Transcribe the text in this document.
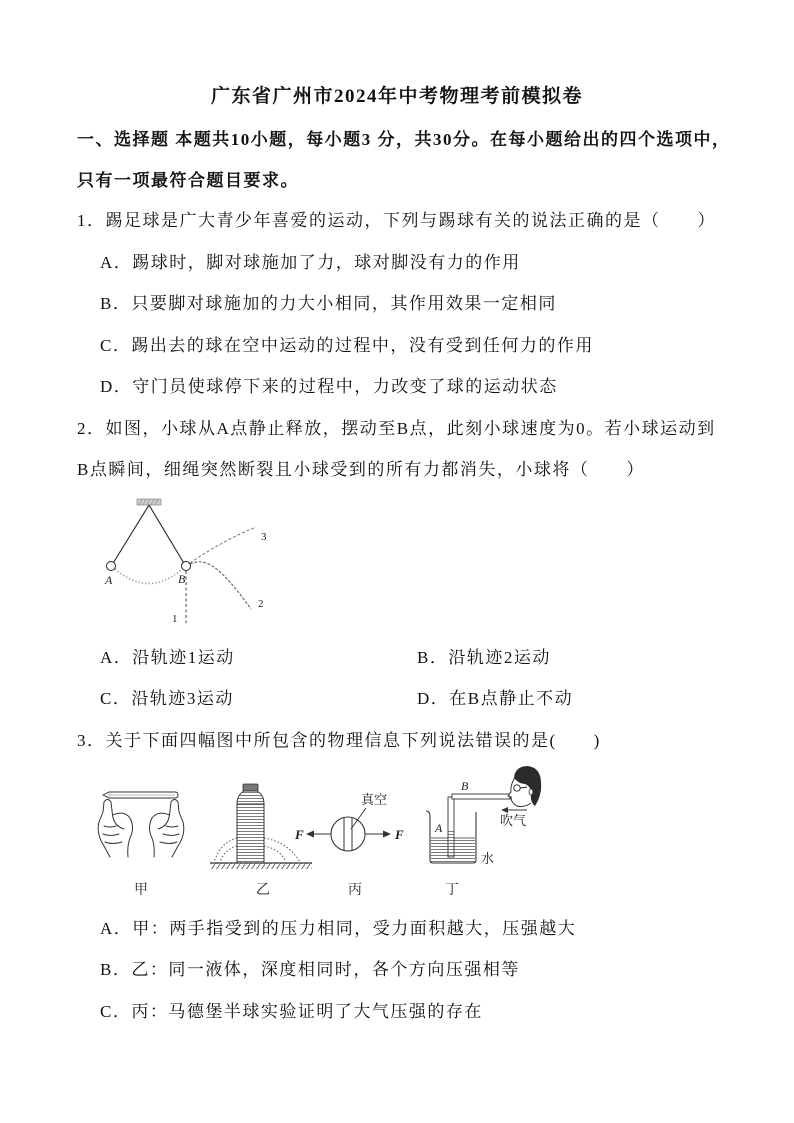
广东省广州市2024年中考物理考前模拟卷
一、选择题 本题共10小题，每小题3 分，共30分。在每小题给出的四个选项中，
只有一项最符合题目要求。
1．踢足球是广大青少年喜爱的运动，下列与踢球有关的说法正确的是（　　）
A．踢球时，脚对球施加了力，球对脚没有力的作用
B．只要脚对球施加的力大小相同，其作用效果一定相同
C．踢出去的球在空中运动的过程中，没有受到任何力的作用
D．守门员使球停下来的过程中，力改变了球的运动状态
2．如图，小球从A点静止释放，摆动至B点，此刻小球速度为0。若小球运动到
B点瞬间，细绳突然断裂且小球受到的所有力都消失，小球将（　　）
A	B
1
2
3
A．沿轨迹1运动	B．沿轨迹2运动
C．沿轨迹3运动	D．在B点静止不动
3．关于下面四幅图中所包含的物理信息下列说法错误的是(　　)
甲	乙
真空
F	F
丙
A
B
水
吹气
丁
A．甲：两手指受到的压力相同，受力面积越大，压强越大
B．乙：同一液体，深度相同时，各个方向压强相等
C．丙：马德堡半球实验证明了大气压强的存在
